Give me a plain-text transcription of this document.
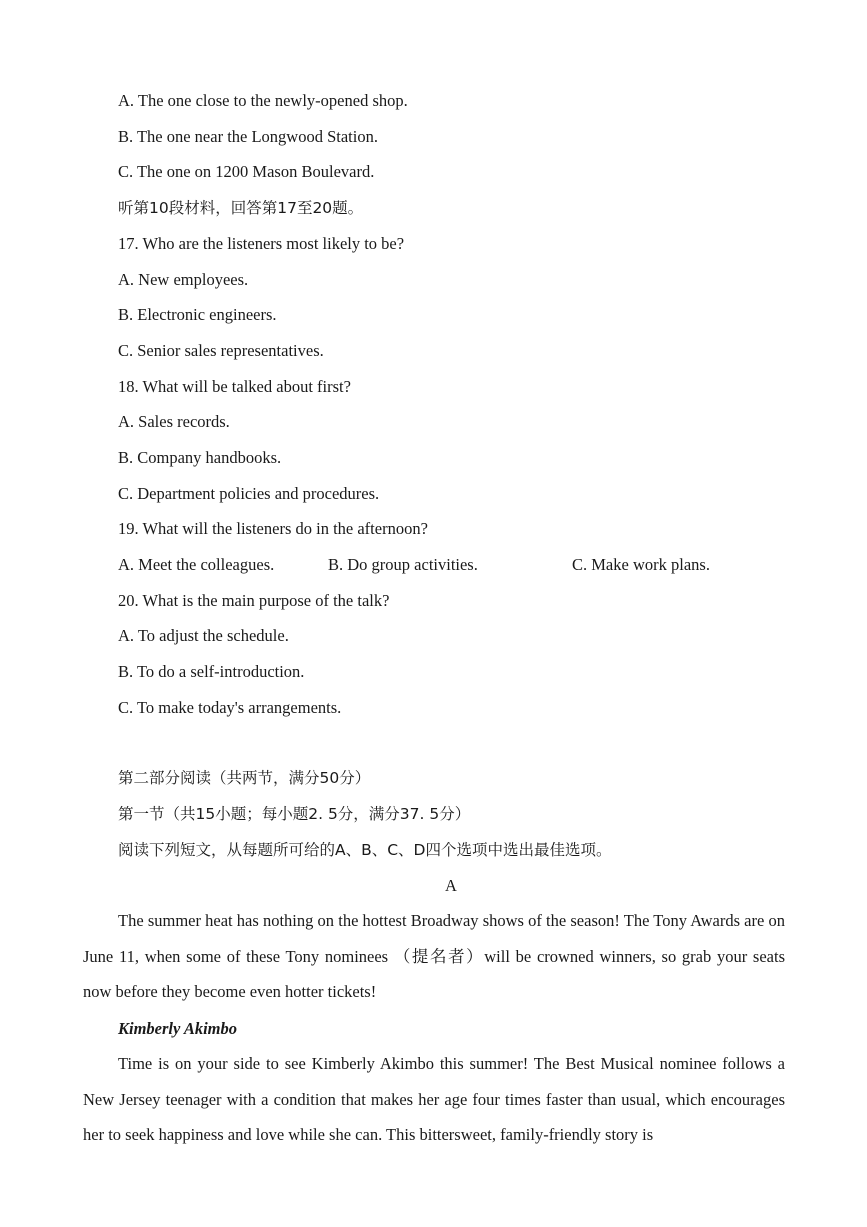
A. The one close to the newly-opened shop.
B. The one near the Longwood Station.
C. The one on 1200 Mason Boulevard.
听第10段材料，回答第17至20题。
17. Who are the listeners most likely to be?
A. New employees.
B. Electronic engineers.
C. Senior sales representatives.
18. What will be talked about first?
A. Sales records.
B. Company handbooks.
C. Department policies and procedures.
19. What will the listeners do in the afternoon?
A. Meet the colleagues.	B. Do group activities.	C. Make work plans.
20. What is the main purpose of the talk?
A. To adjust the schedule.
B. To do a self-introduction.
C. To make today's arrangements.
第二部分阅读（共两节，满分50分）
第一节（共15小题；每小题2. 5分，满分37. 5分）
阅读下列短文，从每题所可给的A、B、C、D四个选项中选出最佳选项。
A

The summer heat has nothing on the hottest Broadway shows of the season! The Tony Awards are on June 11, when some of these Tony nominees （提名者）will be crowned winners, so grab your seats now before they become even hotter tickets!

Kimberly Akimbo

Time is on your side to see Kimberly Akimbo this summer! The Best Musical nominee follows a New Jersey teenager with a condition that makes her age four times faster than usual, which encourages her to seek happiness and love while she can. This bittersweet, family-friendly story is
